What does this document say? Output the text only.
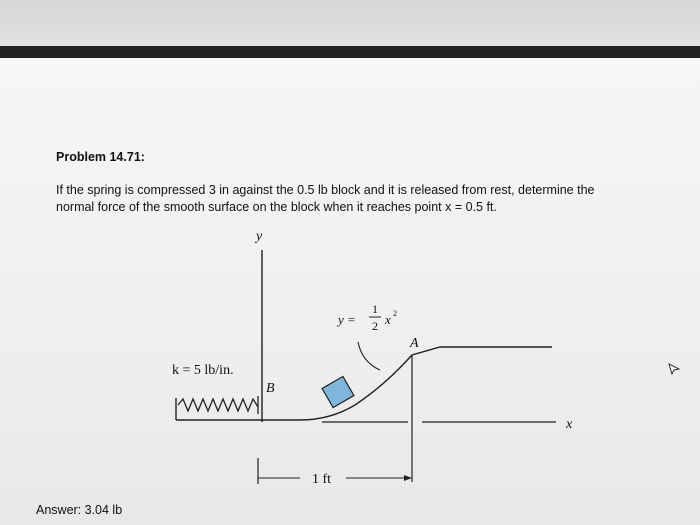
Problem 14.71:
If the spring is compressed 3 in against the 0.5 lb block and it is released from rest, determine the
normal force of the smooth surface on the block when it reaches point x = 0.5 ft.
y
k = 5 lb/in.
B
A
y =
1
2 x 2
x
1 ft
Answer: 3.04 lb
